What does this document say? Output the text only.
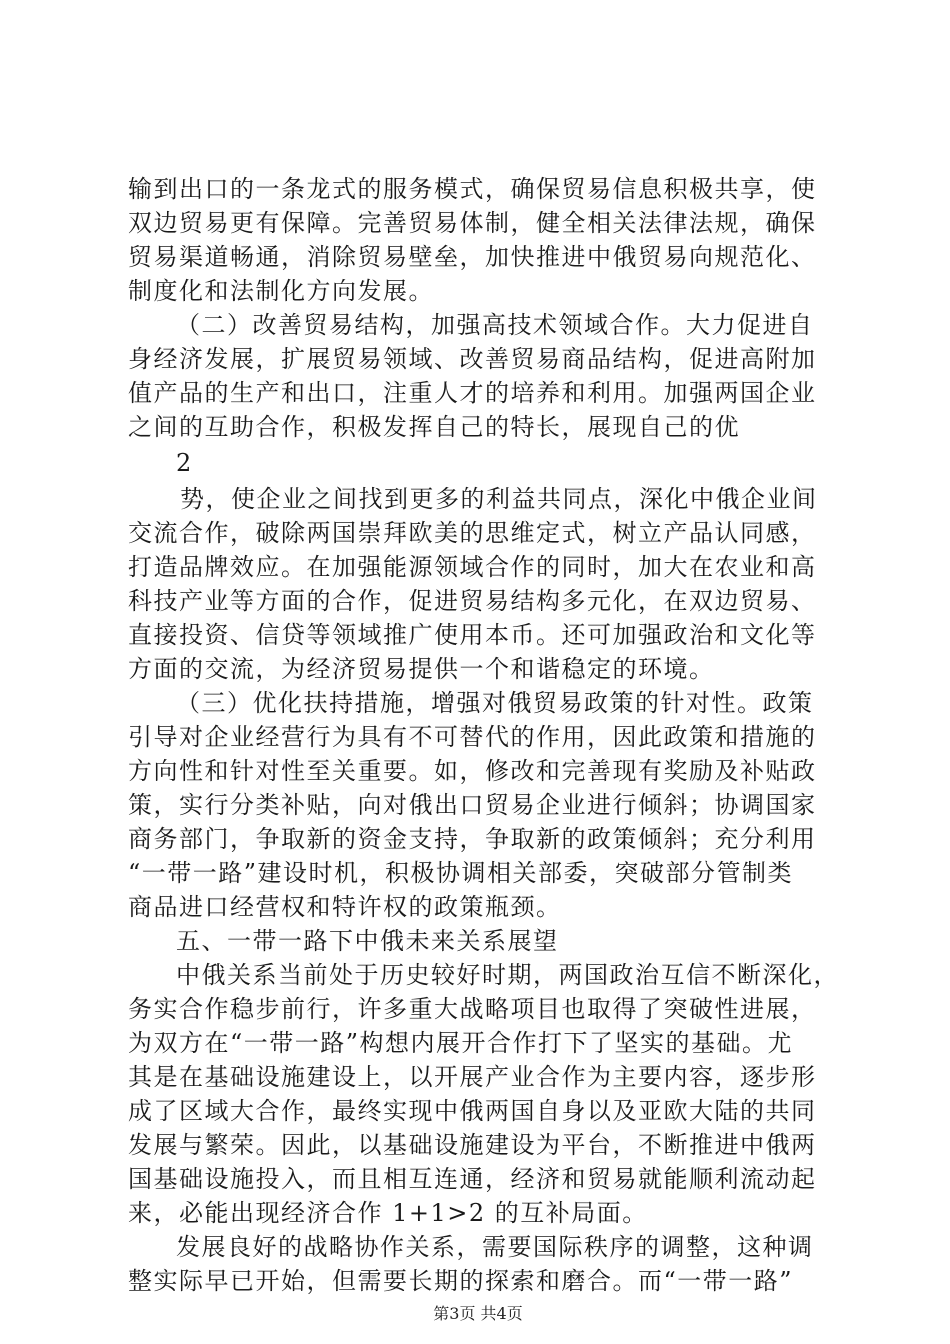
输到出口的一条龙式的服务模式，确保贸易信息积极共享，使
双边贸易更有保障。完善贸易体制，健全相关法律法规，确保
贸易渠道畅通，消除贸易壁垒，加快推进中俄贸易向规范化、
制度化和法制化方向发展。
（二）改善贸易结构，加强高技术领域合作。大力促进自
身经济发展，扩展贸易领域、改善贸易商品结构，促进高附加
值产品的生产和出口，注重人才的培养和利用。加强两国企业
之间的互助合作，积极发挥自己的特长，展现自己的优
2
势，使企业之间找到更多的利益共同点，深化中俄企业间
交流合作，破除两国崇拜欧美的思维定式，树立产品认同感，
打造品牌效应。在加强能源领域合作的同时，加大在农业和高
科技产业等方面的合作，促进贸易结构多元化，在双边贸易、
直接投资、信贷等领域推广使用本币。还可加强政治和文化等
方面的交流，为经济贸易提供一个和谐稳定的环境。
（三）优化扶持措施，增强对俄贸易政策的针对性。政策
引导对企业经营行为具有不可替代的作用，因此政策和措施的
方向性和针对性至关重要。如，修改和完善现有奖励及补贴政
策，实行分类补贴，向对俄出口贸易企业进行倾斜；协调国家
商务部门，争取新的资金支持，争取新的政策倾斜；充分利用
“一带一路”建设时机，积极协调相关部委，突破部分管制类
商品进口经营权和特许权的政策瓶颈。
五、一带一路下中俄未来关系展望
中俄关系当前处于历史较好时期，两国政治互信不断深化，
务实合作稳步前行，许多重大战略项目也取得了突破性进展，
为双方在“一带一路”构想内展开合作打下了坚实的基础。尤
其是在基础设施建设上，以开展产业合作为主要内容，逐步形
成了区域大合作，最终实现中俄两国自身以及亚欧大陆的共同
发展与繁荣。因此，以基础设施建设为平台，不断推进中俄两
国基础设施投入，而且相互连通，经济和贸易就能顺利流动起
来，必能出现经济合作 1+1>2 的互补局面。
发展良好的战略协作关系，需要国际秩序的调整，这种调
整实际早已开始，但需要长期的探索和磨合。而“一带一路”
第3页 共4页
